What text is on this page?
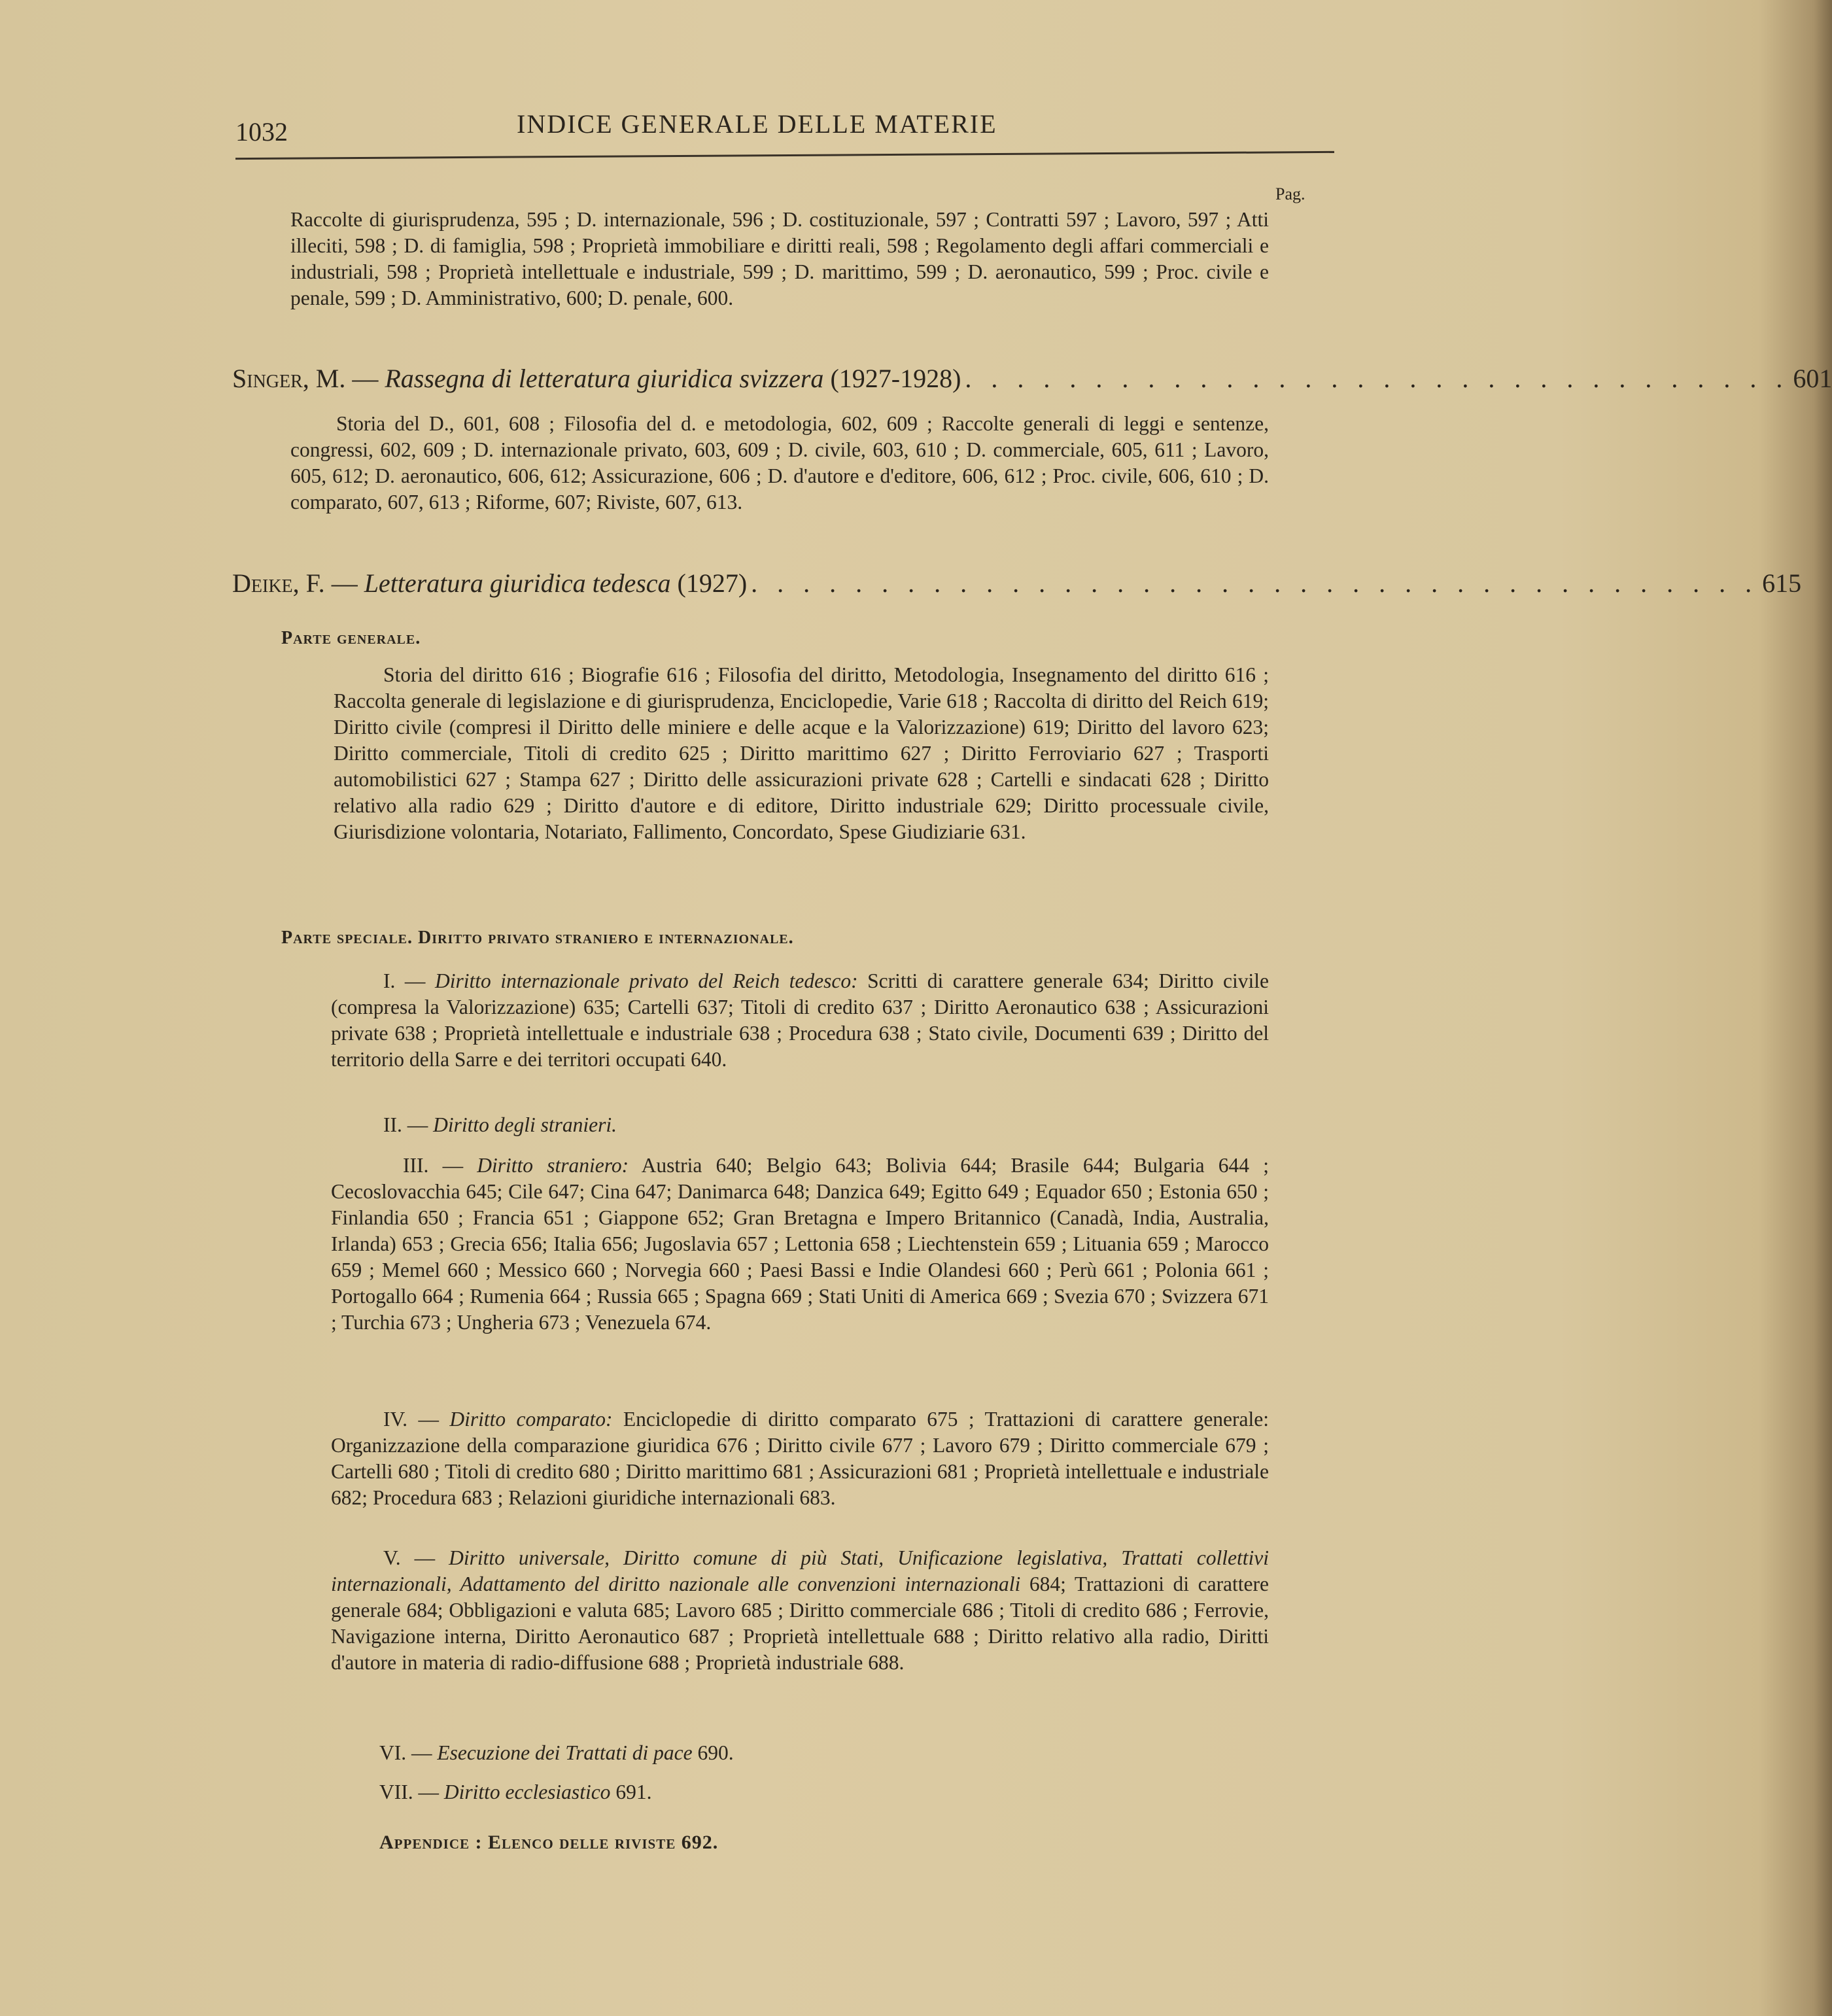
1032	INDICE GENERALE DELLE MATERIE
Pag.
Raccolte di giurisprudenza, 595 ; D. internazionale, 596 ; D. costituzionale, 597 ; Contratti 597 ; Lavoro, 597 ; Atti illeciti, 598 ; D. di famiglia, 598 ; Proprietà immobiliare e diritti reali, 598 ; Regolamento degli affari commerciali e industriali, 598 ; Proprietà intellettuale e industriale, 599 ; D. marittimo, 599 ; D. aeronautico, 599 ; Proc. civile e penale, 599 ; D. Amministrativo, 600; D. penale, 600.
Singer, M. — Rassegna di letteratura giuridica svizzera (1927-1928) . . . . . . . . . . . . . . . . . . . . . . . . . . . . . . . . 601
Storia del D., 601, 608 ; Filosofia del d. e metodologia, 602, 609 ; Raccolte generali di leggi e sentenze, congressi, 602, 609 ; D. internazionale privato, 603, 609 ; D. civile, 603, 610 ; D. commerciale, 605, 611 ; Lavoro, 605, 612; D. aeronautico, 606, 612; Assicurazione, 606 ; D. d'autore e d'editore, 606, 612 ; Proc. civile, 606, 610 ; D. comparato, 607, 613 ; Riforme, 607; Riviste, 607, 613.
Deike, F. — Letteratura giuridica tedesca (1927) . . . . . . . . . . . . . . . . . . . . . . . . . . . . . . . . . . . . . . . 615
Parte generale.
Storia del diritto 616 ; Biografie 616 ; Filosofia del diritto, Metodologia, Insegnamento del diritto 616 ; Raccolta generale di legislazione e di giurisprudenza, Enciclopedie, Varie 618 ; Raccolta di diritto del Reich 619; Diritto civile (compresi il Diritto delle miniere e delle acque e la Valorizzazione) 619; Diritto del lavoro 623; Diritto commerciale, Titoli di credito 625 ; Diritto marittimo 627 ; Diritto Ferroviario 627 ; Trasporti automobilistici 627 ; Stampa 627 ; Diritto delle assicurazioni private 628 ; Cartelli e sindacati 628 ; Diritto relativo alla radio 629 ; Diritto d'autore e di editore, Diritto industriale 629; Diritto processuale civile, Giurisdizione volontaria, Notariato, Fallimento, Concordato, Spese Giudiziarie 631.
Parte speciale. Diritto privato straniero e internazionale.
I. — Diritto internazionale privato del Reich tedesco: Scritti di carattere generale 634; Diritto civile (compresa la Valorizzazione) 635; Cartelli 637; Titoli di credito 637 ; Diritto Aeronautico 638 ; Assicurazioni private 638 ; Proprietà intellettuale e industriale 638 ; Procedura 638 ; Stato civile, Documenti 639 ; Diritto del territorio della Sarre e dei territori occupati 640.
II. — Diritto degli stranieri.
III. — Diritto straniero: Austria 640; Belgio 643; Bolivia 644; Brasile 644; Bulgaria 644 ; Cecoslovacchia 645; Cile 647; Cina 647; Danimarca 648; Danzica 649; Egitto 649 ; Equador 650 ; Estonia 650 ; Finlandia 650 ; Francia 651 ; Giappone 652; Gran Bretagna e Impero Britannico (Canadà, India, Australia, Irlanda) 653 ; Grecia 656; Italia 656; Jugoslavia 657 ; Lettonia 658 ; Liechtenstein 659 ; Lituania 659 ; Marocco 659 ; Memel 660 ; Messico 660 ; Norvegia 660 ; Paesi Bassi e Indie Olandesi 660 ; Perù 661 ; Polonia 661 ; Portogallo 664 ; Rumenia 664 ; Russia 665 ; Spagna 669 ; Stati Uniti di America 669 ; Svezia 670 ; Svizzera 671 ; Turchia 673 ; Ungheria 673 ; Venezuela 674.
IV. — Diritto comparato: Enciclopedie di diritto comparato 675 ; Trattazioni di carattere generale: Organizzazione della comparazione giuridica 676 ; Diritto civile 677 ; Lavoro 679 ; Diritto commerciale 679 ; Cartelli 680 ; Titoli di credito 680 ; Diritto marittimo 681 ; Assicurazioni 681 ; Proprietà intellettuale e industriale 682; Procedura 683 ; Relazioni giuridiche internazionali 683.
V. — Diritto universale, Diritto comune di più Stati, Unificazione legislativa, Trattati collettivi internazionali, Adattamento del diritto nazionale alle convenzioni internazionali 684; Trattazioni di carattere generale 684; Obbligazioni e valuta 685; Lavoro 685 ; Diritto commerciale 686 ; Titoli di credito 686 ; Ferrovie, Navigazione interna, Diritto Aeronautico 687 ; Proprietà intellettuale 688 ; Diritto relativo alla radio, Diritti d'autore in materia di radio-diffusione 688 ; Proprietà industriale 688.
VI. — Esecuzione dei Trattati di pace 690.
VII. — Diritto ecclesiastico 691.
Appendice : Elenco delle riviste 692.
